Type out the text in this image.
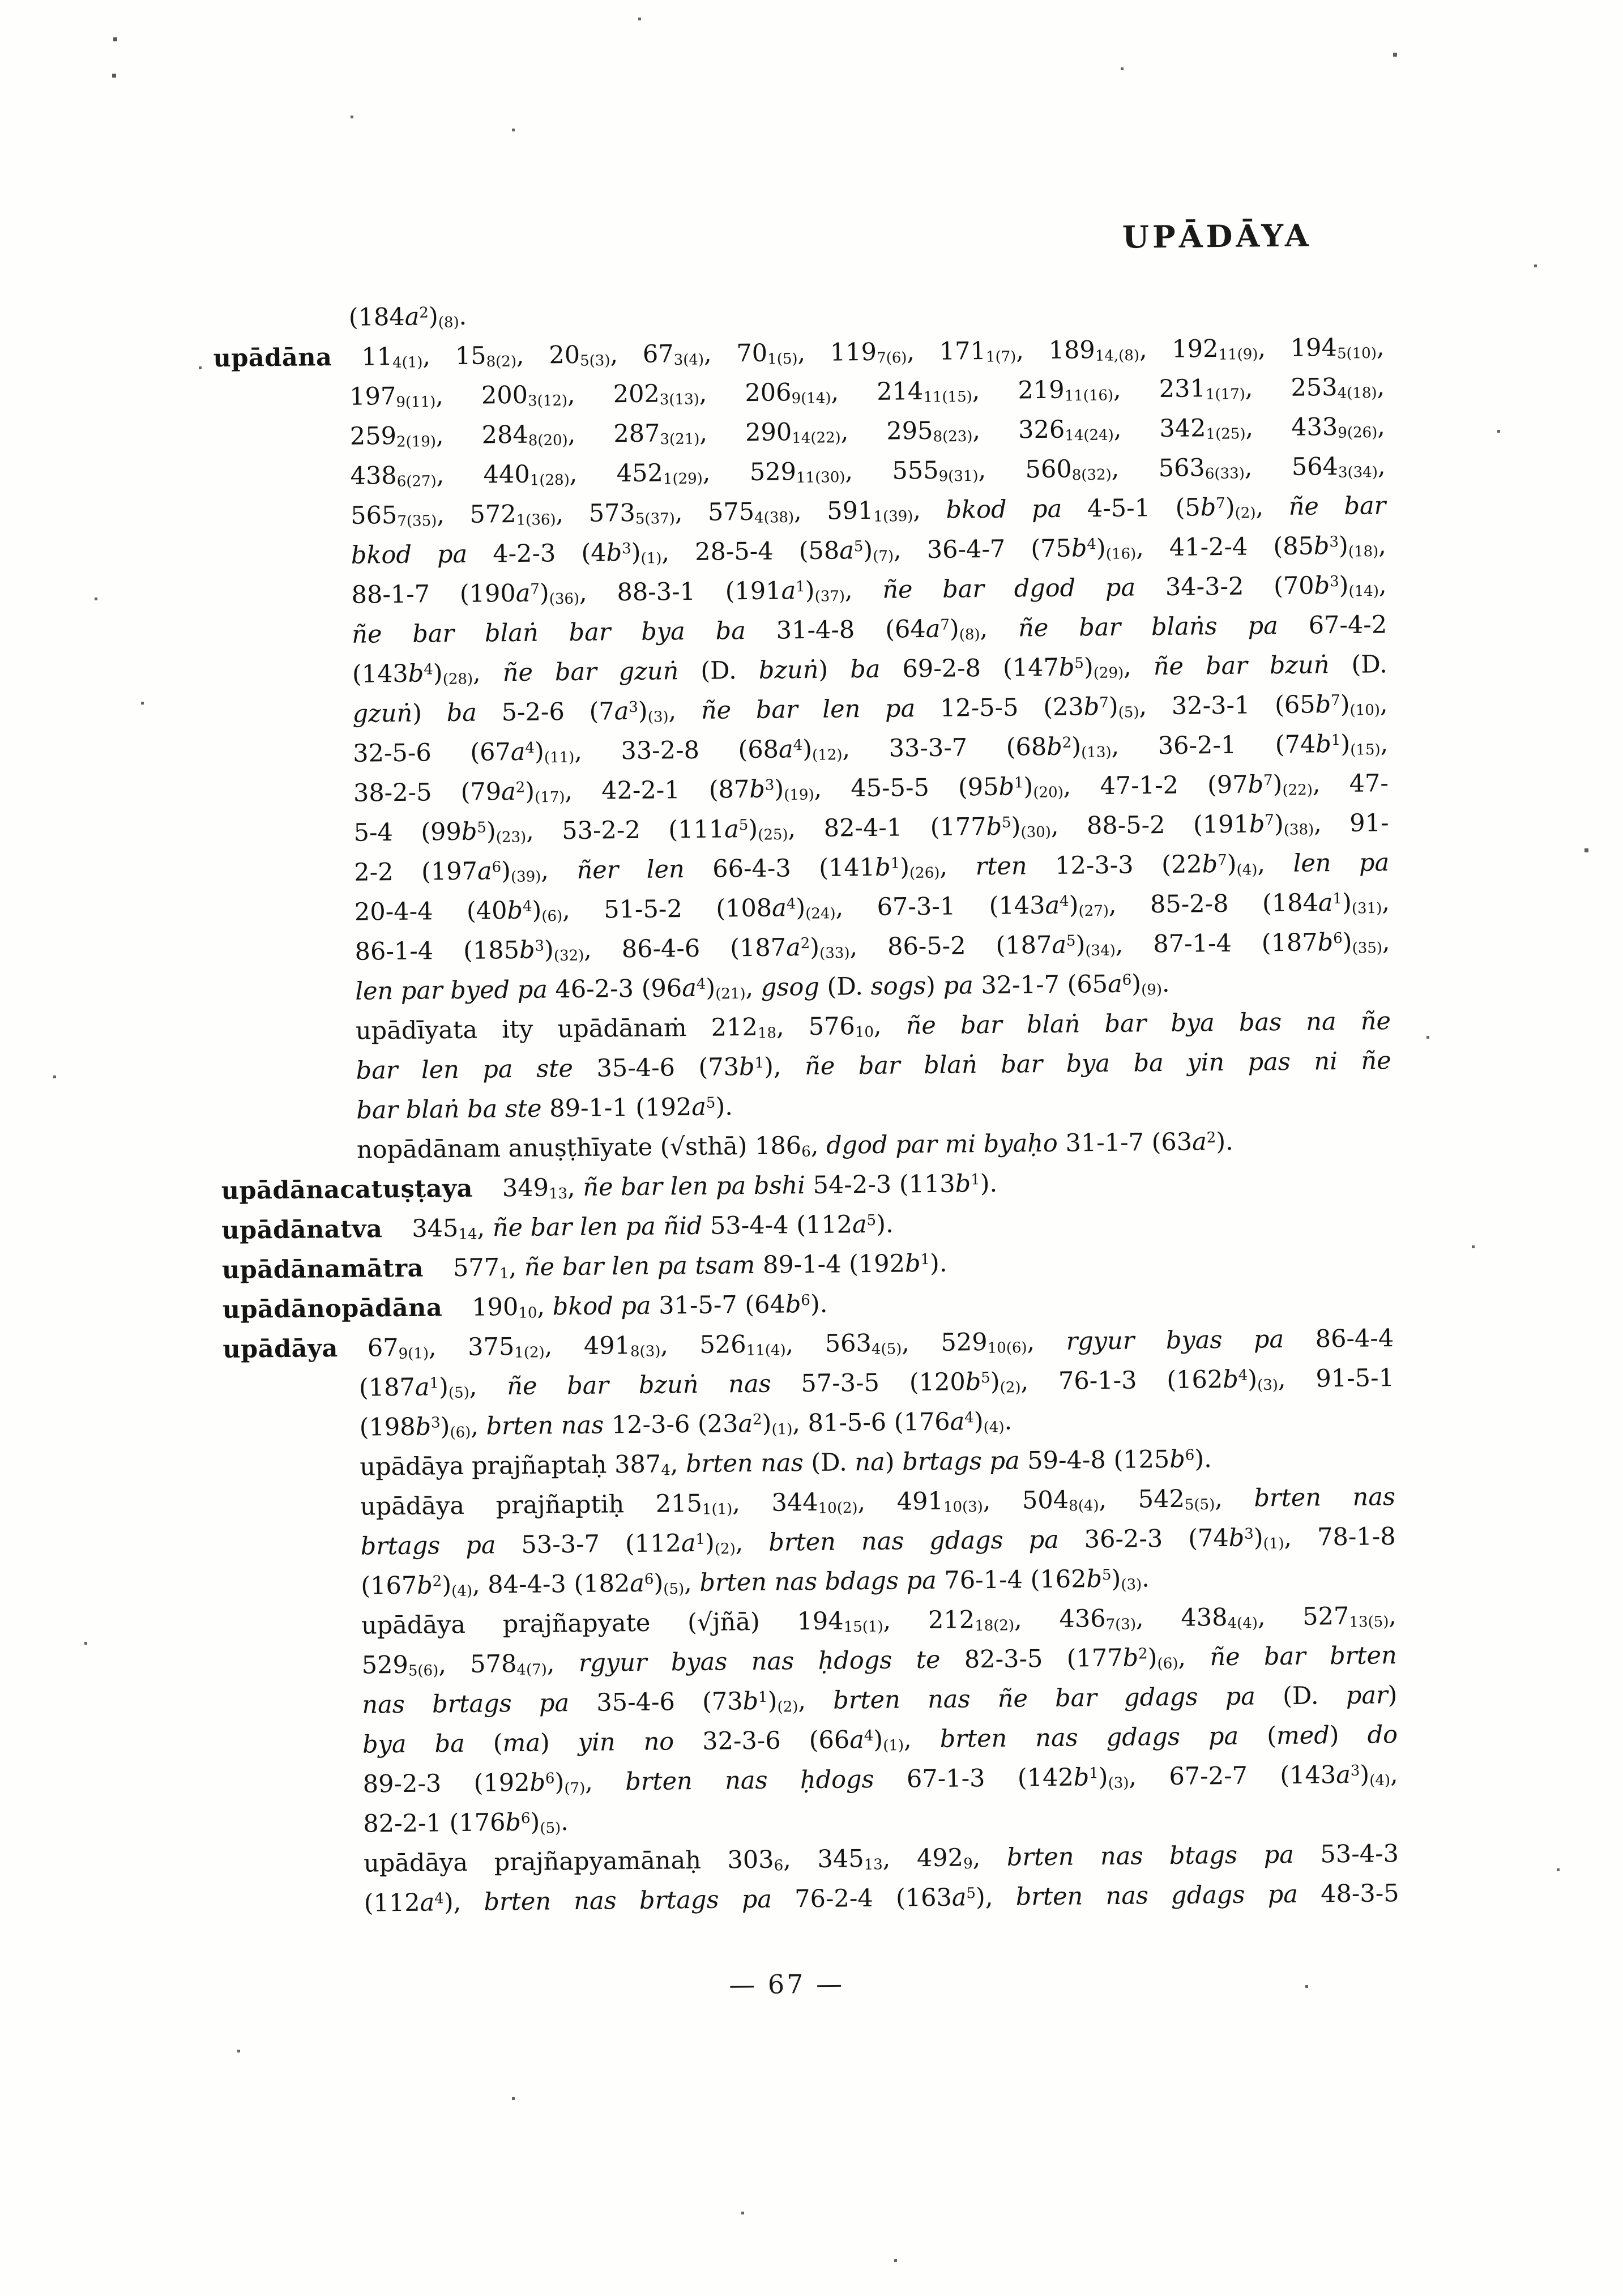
UPĀDĀYA
$(184a^2)_{(8)}$.
upādāna $11_{4(1)}$, $15_{8(2)}$, $20_{5(3)}$, $67_{3(4)}$, $70_{1(5)}$, $119_{7(6)}$, $171_{1(7)}$, $189_{14,(8)}$, $192_{11(9)}$, $194_{5(10)}$,
$197_{9(11)}$, $200_{3(12)}$, $202_{3(13)}$, $206_{9(14)}$, $214_{11(15)}$, $219_{11(16)}$, $231_{1(17)}$, $253_{4(18)}$,
$259_{2(19)}$, $284_{8(20)}$, $287_{3(21)}$, $290_{14(22)}$, $295_{8(23)}$, $326_{14(24)}$, $342_{1(25)}$, $433_{9(26)}$,
$438_{6(27)}$, $440_{1(28)}$, $452_{1(29)}$, $529_{11(30)}$, $555_{9(31)}$, $560_{8(32)}$, $563_{6(33)}$, $564_{3(34)}$,
$565_{7(35)}$, $572_{1(36)}$, $573_{5(37)}$, $575_{4(38)}$, $591_{1(39)}$, bkod pa 4-5-1 $(5b^7)_{(2)}$, ñe bar
bkod pa 4-2-3 $(4b^3)_{(1)}$, 28-5-4 $(58a^5)_{(7)}$, 36-4-7 $(75b^4)_{(16)}$, 41-2-4 $(85b^3)_{(18)}$,
88-1-7 $(190a^7)_{(36)}$, 88-3-1 $(191a^1)_{(37)}$, ñe bar dgod pa 34-3-2 $(70b^3)_{(14)}$,
ñe bar blaṅ bar bya ba 31-4-8 $(64a^7)_{(8)}$, ñe bar blaṅs pa 67-4-2
$(143b^4)_{(28)}$, ñe bar gzuṅ (D. bzuṅ) ba 69-2-8 $(147b^5)_{(29)}$, ñe bar bzuṅ (D.
gzuṅ) ba 5-2-6 $(7a^3)_{(3)}$, ñe bar len pa 12-5-5 $(23b^7)_{(5)}$, 32-3-1 $(65b^7)_{(10)}$,
32-5-6 $(67a^4)_{(11)}$, 33-2-8 $(68a^4)_{(12)}$, 33-3-7 $(68b^2)_{(13)}$, 36-2-1 $(74b^1)_{(15)}$,
38-2-5 $(79a^2)_{(17)}$, 42-2-1 $(87b^3)_{(19)}$, 45-5-5 $(95b^1)_{(20)}$, 47-1-2 $(97b^7)_{(22)}$, 47-
5-4 $(99b^5)_{(23)}$, 53-2-2 $(111a^5)_{(25)}$, 82-4-1 $(177b^5)_{(30)}$, 88-5-2 $(191b^7)_{(38)}$, 91-
2-2 $(197a^6)_{(39)}$, ñer len 66-4-3 $(141b^1)_{(26)}$, rten 12-3-3 $(22b^7)_{(4)}$, len pa
20-4-4 $(40b^4)_{(6)}$, 51-5-2 $(108a^4)_{(24)}$, 67-3-1 $(143a^4)_{(27)}$, 85-2-8 $(184a^1)_{(31)}$,
86-1-4 $(185b^3)_{(32)}$, 86-4-6 $(187a^2)_{(33)}$, 86-5-2 $(187a^5)_{(34)}$, 87-1-4 $(187b^6)_{(35)}$,
len par byed pa 46-2-3 $(96a^4)_{(21)}$, gsog (D. sogs) pa 32-1-7 $(65a^6)_{(9)}$.
upādīyata ity upādānaṁ $212_{18}$, $576_{10}$, ñe bar blaṅ bar bya bas na ñe
bar len pa ste 35-4-6 $(73b^1)$, ñe bar blaṅ bar bya ba yin pas ni ñe
bar blaṅ ba ste 89-1-1 $(192a^5)$.
nopādānam anuṣṭhīyate (√sthā) $186_6$, dgod par mi byaḥo 31-1-7 $(63a^2)$.
upādānacatuṣṭaya $349_{13}$, ñe bar len pa bshi 54-2-3 $(113b^1)$.
upādānatva $345_{14}$, ñe bar len pa ñid 53-4-4 $(112a^5)$.
upādānamātra $577_1$, ñe bar len pa tsam 89-1-4 $(192b^1)$.
upādānopādāna $190_{10}$, bkod pa 31-5-7 $(64b^6)$.
upādāya $67_{9(1)}$, $375_{1(2)}$, $491_{8(3)}$, $526_{11(4)}$, $563_{4(5)}$, $529_{10(6)}$, rgyur byas pa 86-4-4
$(187a^1)_{(5)}$, ñe bar bzuṅ nas 57-3-5 $(120b^5)_{(2)}$, 76-1-3 $(162b^4)_{(3)}$, 91-5-1
$(198b^3)_{(6)}$, brten nas 12-3-6 $(23a^2)_{(1)}$, 81-5-6 $(176a^4)_{(4)}$.
upādāya prajñaptaḥ $387_4$, brten nas (D. na) brtags pa 59-4-8 $(125b^6)$.
upādāya prajñaptiḥ $215_{1(1)}$, $344_{10(2)}$, $491_{10(3)}$, $504_{8(4)}$, $542_{5(5)}$, brten nas
brtags pa 53-3-7 $(112a^1)_{(2)}$, brten nas gdags pa 36-2-3 $(74b^3)_{(1)}$, 78-1-8
$(167b^2)_{(4)}$, 84-4-3 $(182a^6)_{(5)}$, brten nas bdags pa 76-1-4 $(162b^5)_{(3)}$.
upādāya prajñapyate (√jñā) $194_{15(1)}$, $212_{18(2)}$, $436_{7(3)}$, $438_{4(4)}$, $527_{13(5)}$,
$529_{5(6)}$, $578_{4(7)}$, rgyur byas nas ḥdogs te 82-3-5 $(177b^2)_{(6)}$, ñe bar brten
nas brtags pa 35-4-6 $(73b^1)_{(2)}$, brten nas ñe bar gdags pa (D. par)
bya ba (ma) yin no 32-3-6 $(66a^4)_{(1)}$, brten nas gdags pa (med) do
89-2-3 $(192b^6)_{(7)}$, brten nas ḥdogs 67-1-3 $(142b^1)_{(3)}$, 67-2-7 $(143a^3)_{(4)}$,
82-2-1 $(176b^6)_{(5)}$.
upādāya prajñapyamānaḥ $303_6$, $345_{13}$, $492_9$, brten nas btags pa 53-4-3
$(112a^4)$, brten nas brtags pa 76-2-4 $(163a^5)$, brten nas gdags pa 48-3-5
— 67 —
